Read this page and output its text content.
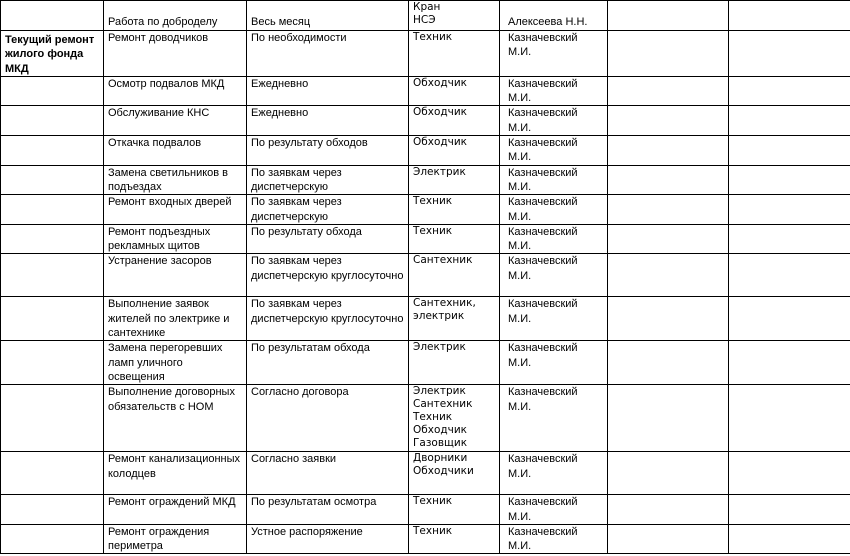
	Работа по добpоделу	Весь месяц	Кран
НСЭ	Алексеева Н.Н.		
Текущий ремонт жилого фонда МКД	Ремонт доводчиков	По необходимости	Техник	Казначевский М.И.		
	Осмотр подвалов МКД	Ежедневно	Обходчик	Казначевский М.И.		
	Обслуживание КНС	Ежедневно	Обходчик	Казначевский М.И.		
	Откачка подвалов	По результату обходов	Обходчик	Казначевский М.И.		
	Замена светильников в подъездах	По заявкам через диспетчерскую	Электрик	Казначевский М.И.		
	Ремонт входных дверей	По заявкам через диспетчерскую	Техник	Казначевский М.И.		
	Ремонт подъездных рекламных щитов	По результату обхода	Техник	Казначевский М.И.		
	Устранение засоров	По заявкам через диспетчерскую круглосуточно	Сантехник	Казначевский М.И.		
	Выполнение заявок жителей по электрике и сантехнике	По заявкам через диспетчерскую круглосуточно	Сантехник,
электрик	Казначевский М.И.		
	Замена перегоревших ламп уличного освещения	По результатам обхода	Электрик	Казначевский М.И.		
	Выполнение договорных обязательств с НОМ	Согласно договора	Электрик
Сантехник
Техник
Обходчик
Газовщик	Казначевский М.И.		
	Ремонт канализационных колодцев	Согласно заявки	Дворники
Обходчики	Казначевский М.И.		
	Ремонт ограждений МКД	По результатам осмотра	Техник	Казначевский М.И.		
	Ремонт ограждения периметра	Устное распоряжение	Техник	Казначевский М.И.		
